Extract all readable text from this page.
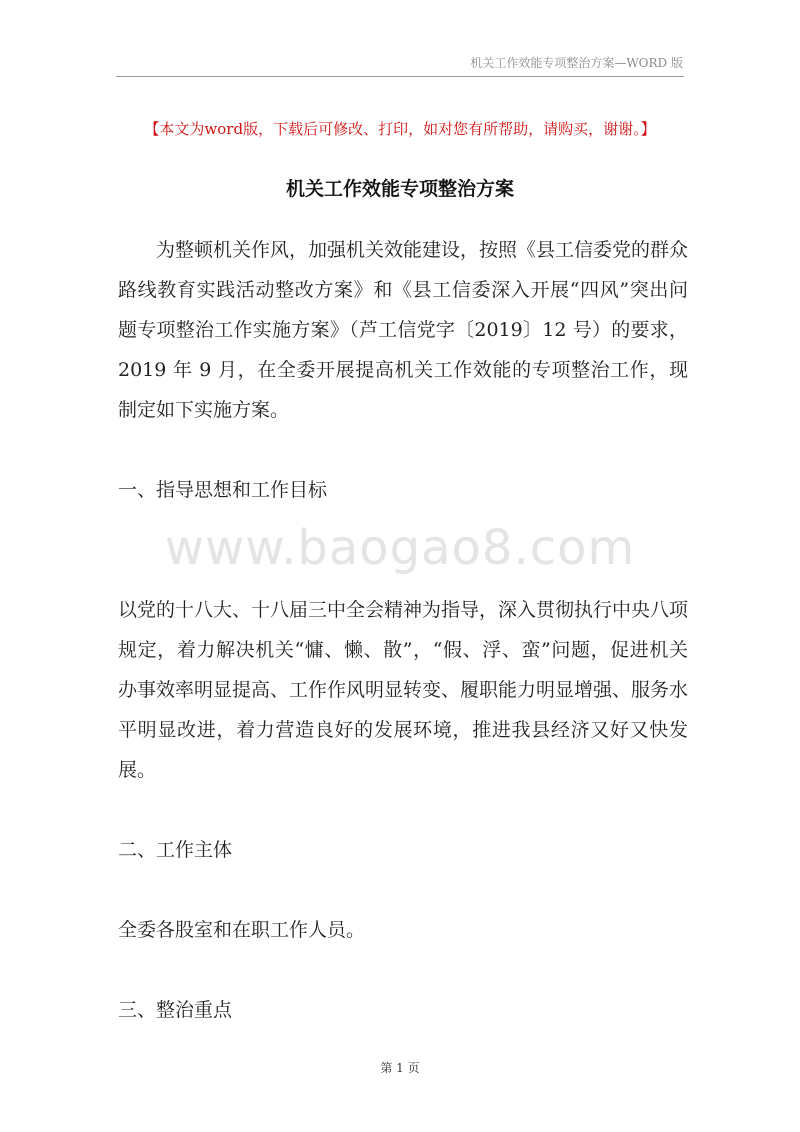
机关工作效能专项整治方案—WORD 版
【本文为word版，下载后可修改、打印，如对您有所帮助，请购买，谢谢。】
机关工作效能专项整治方案
www.baogao8.com

为整顿机关作风，加强机关效能建设，按照《县工信委党的群众路线教育实践活动整改方案》和《县工信委深入开展“四风”突出问题专项整治工作实施方案》（芦工信党字〔2019〕12 号）的要求，2019 年 9 月，在全委开展提高机关工作效能的专项整治工作，现制定如下实施方案。

一、指导思想和工作目标

以党的十八大、十八届三中全会精神为指导，深入贯彻执行中央八项规定，着力解决机关“慵、懒、散”，“假、浮、蛮”问题，促进机关办事效率明显提高、工作作风明显转变、履职能力明显增强、服务水平明显改进，着力营造良好的发展环境，推进我县经济又好又快发展。

二、工作主体

全委各股室和在职工作人员。

三、整治重点

第 1 页
